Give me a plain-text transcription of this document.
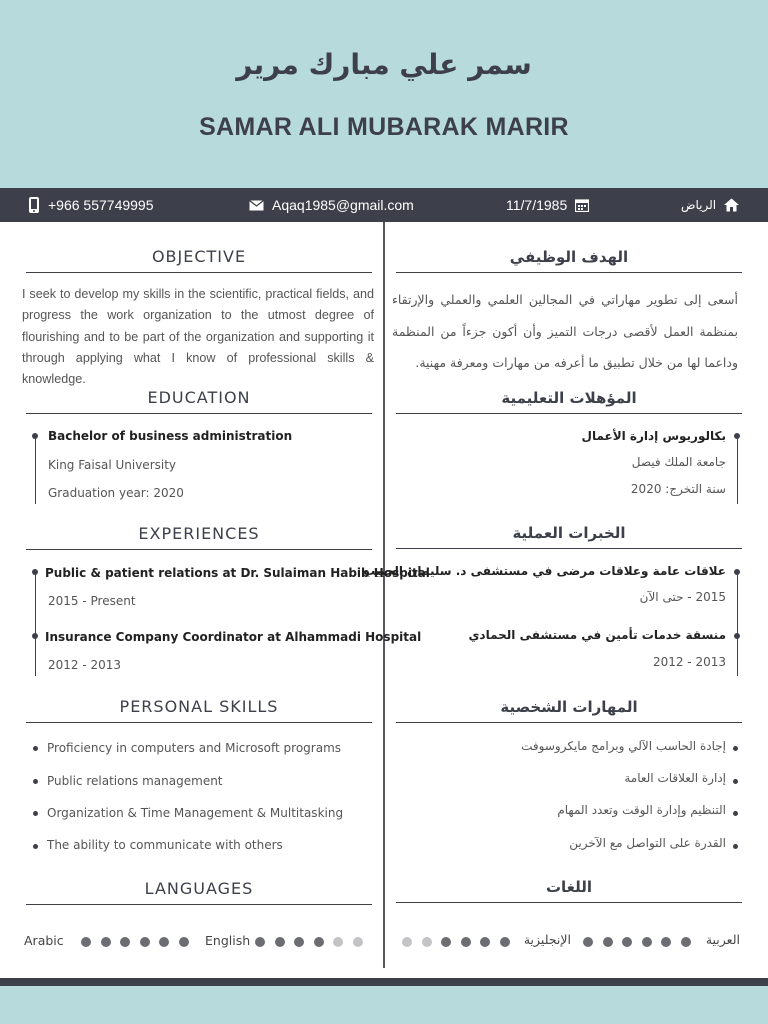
سمر علي مبارك مرير
SAMAR ALI MUBARAK MARIR
+966 557749995	Aqaq1985@gmail.com	11/7/1985	الرياض
OBJECTIVE
I seek to develop my skills in the scientific, practical fields, and progress the work organization to the utmost degree of flourishing and to be part of the organization and supporting it through applying what I know of professional skills & knowledge.
EDUCATION
Bachelor of business administration
King Faisal University
Graduation year: 2020
EXPERIENCES
Public & patient relations at Dr. Sulaiman Habib Hospital
2015 - Present
Insurance Company Coordinator at Alhammadi Hospital
2012 - 2013
PERSONAL SKILLS
Proficiency in computers and Microsoft programs
Public relations management
Organization & Time Management & Multitasking
The ability to communicate with others
LANGUAGES
Arabic	English
الهدف الوظيفي
أسعى إلى تطوير مهاراتي في المجالين العلمي والعملي والإرتقاء بمنظمة العمل لأقصى درجات التميز وأن أكون جزءاً من المنظمة وداعما لها من خلال تطبيق ما أعرفه من مهارات ومعرفة مهنية.
المؤهلات التعليمية
بكالوريوس إدارة الأعمال
جامعة الملك فيصل
سنة التخرج: 2020
الخبرات العملية
علاقات عامة وعلاقات مرضى في مستشفى د. سليمان الحبيب
2015 - حتى الآن
منسقة خدمات تأمين في مستشفى الحمادي
2013 - 2012
المهارات الشخصية
إجادة الحاسب الآلي وبرامج مايكروسوفت
إدارة العلاقات العامة
التنظيم وإدارة الوقت وتعدد المهام
القدرة على التواصل مع الآخرين
اللغات
العربية
الإنجليزية
